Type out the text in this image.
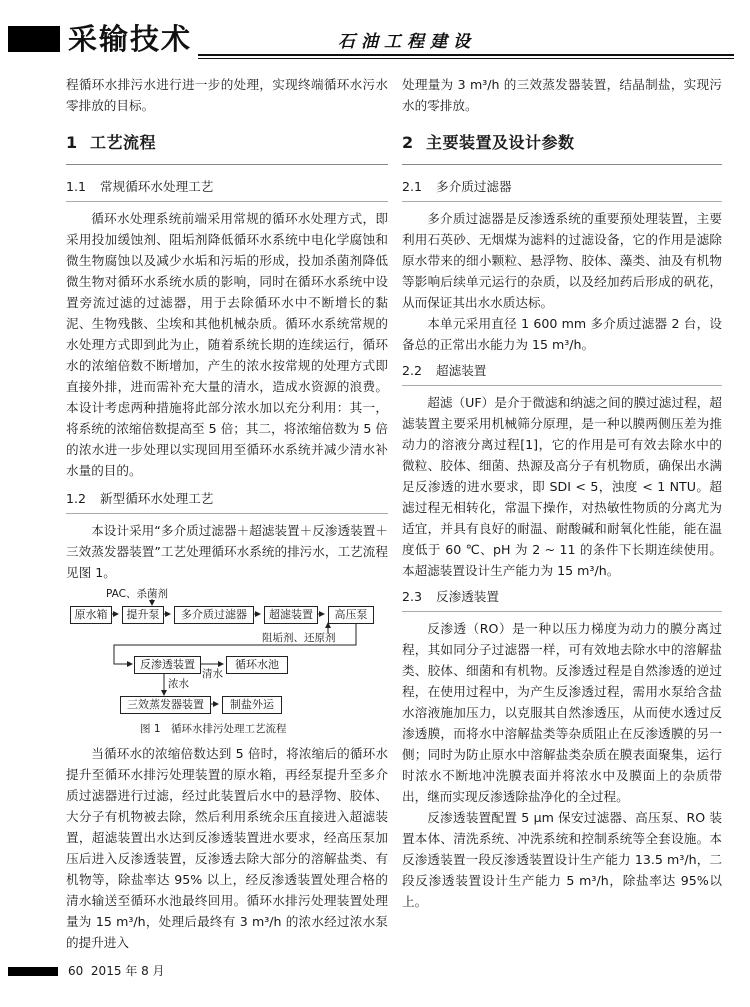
采输技术	石油工程建设

程循环水排污水进行进一步的处理，实现终端循环水污水零排放的目标。

1 工艺流程
1.1 常规循环水处理工艺

循环水处理系统前端采用常规的循环水处理方式，即采用投加缓蚀剂、阻垢剂降低循环水系统中电化学腐蚀和微生物腐蚀以及减少水垢和污垢的形成，投加杀菌剂降低微生物对循环水系统水质的影响，同时在循环水系统中设置旁流过滤的过滤器，用于去除循环水中不断增长的黏泥、生物残骸、尘埃和其他机械杂质。循环水系统常规的水处理方式即到此为止，随着系统长期的连续运行，循环水的浓缩倍数不断增加，产生的浓水按常规的处理方式即直接外排，进而需补充大量的清水，造成水资源的浪费。本设计考虑两种措施将此部分浓水加以充分利用：其一，将系统的浓缩倍数提高至 5 倍；其二，将浓缩倍数为 5 倍的浓水进一步处理以实现回用至循环水系统并减少清水补水量的目的。

1.2 新型循环水处理工艺

本设计采用“多介质过滤器＋超滤装置＋反渗透装置＋三效蒸发器装置”工艺处理循环水系统的排污水，工艺流程见图 1。

PAC、杀菌剂
原水箱	提升泵	多介质过滤器	超滤装置	高压泵
阻垢剂、还原剂
反渗透装置
清水
循环水池
浓水
三效蒸发器装置	制盐外运
图 1　循环水排污处理工艺流程

当循环水的浓缩倍数达到 5 倍时，将浓缩后的循环水提升至循环水排污处理装置的原水箱，再经泵提升至多介质过滤器进行过滤，经过此装置后水中的悬浮物、胶体、大分子有机物被去除，然后利用系统余压直接进入超滤装置，超滤装置出水达到反渗透装置进水要求，经高压泵加压后进入反渗透装置，反渗透去除大部分的溶解盐类、有机物等，除盐率达 95% 以上，经反渗透装置处理合格的清水输送至循环水池最终回用。循环水排污处理装置处理量为 15 m³/h，处理后最终有 3 m³/h 的浓水经过浓水泵的提升进入

处理量为 3 m³/h 的三效蒸发器装置，结晶制盐，实现污水的零排放。

2 主要装置及设计参数
2.1 多介质过滤器

多介质过滤器是反渗透系统的重要预处理装置，主要利用石英砂、无烟煤为滤料的过滤设备，它的作用是滤除原水带来的细小颗粒、悬浮物、胶体、藻类、油及有机物等影响后续单元运行的杂质，以及经加药后形成的矾花，从而保证其出水水质达标。

本单元采用直径 1 600 mm 多介质过滤器 2 台，设备总的正常出水能力为 15 m³/h。

2.2 超滤装置

超滤（UF）是介于微滤和纳滤之间的膜过滤过程，超滤装置主要采用机械筛分原理，是一种以膜两侧压差为推动力的溶液分离过程[1]，它的作用是可有效去除水中的微粒、胶体、细菌、热源及高分子有机物质，确保出水满足反渗透的进水要求，即 SDI < 5，浊度 < 1 NTU。超滤过程无相转化，常温下操作，对热敏性物质的分离尤为适宜，并具有良好的耐温、耐酸碱和耐氧化性能，能在温度低于 60 ℃、pH 为 2 ~ 11 的条件下长期连续使用。本超滤装置设计生产能力为 15 m³/h。

2.3 反渗透装置

反渗透（RO）是一种以压力梯度为动力的膜分离过程，其如同分子过滤器一样，可有效地去除水中的溶解盐类、胶体、细菌和有机物。反渗透过程是自然渗透的逆过程，在使用过程中，为产生反渗透过程，需用水泵给含盐水溶液施加压力，以克服其自然渗透压，从而使水透过反渗透膜，而将水中溶解盐类等杂质阻止在反渗透膜的另一侧；同时为防止原水中溶解盐类杂质在膜表面聚集，运行时浓水不断地冲洗膜表面并将浓水中及膜面上的杂质带出，继而实现反渗透除盐净化的全过程。

反渗透装置配置 5 μm 保安过滤器、高压泵、RO 装置本体、清洗系统、冲洗系统和控制系统等全套设施。本反渗透装置一段反渗透装置设计生产能力 13.5 m³/h，二段反渗透装置设计生产能力 5 m³/h，除盐率达 95%以上。

60 2015 年 8 月
